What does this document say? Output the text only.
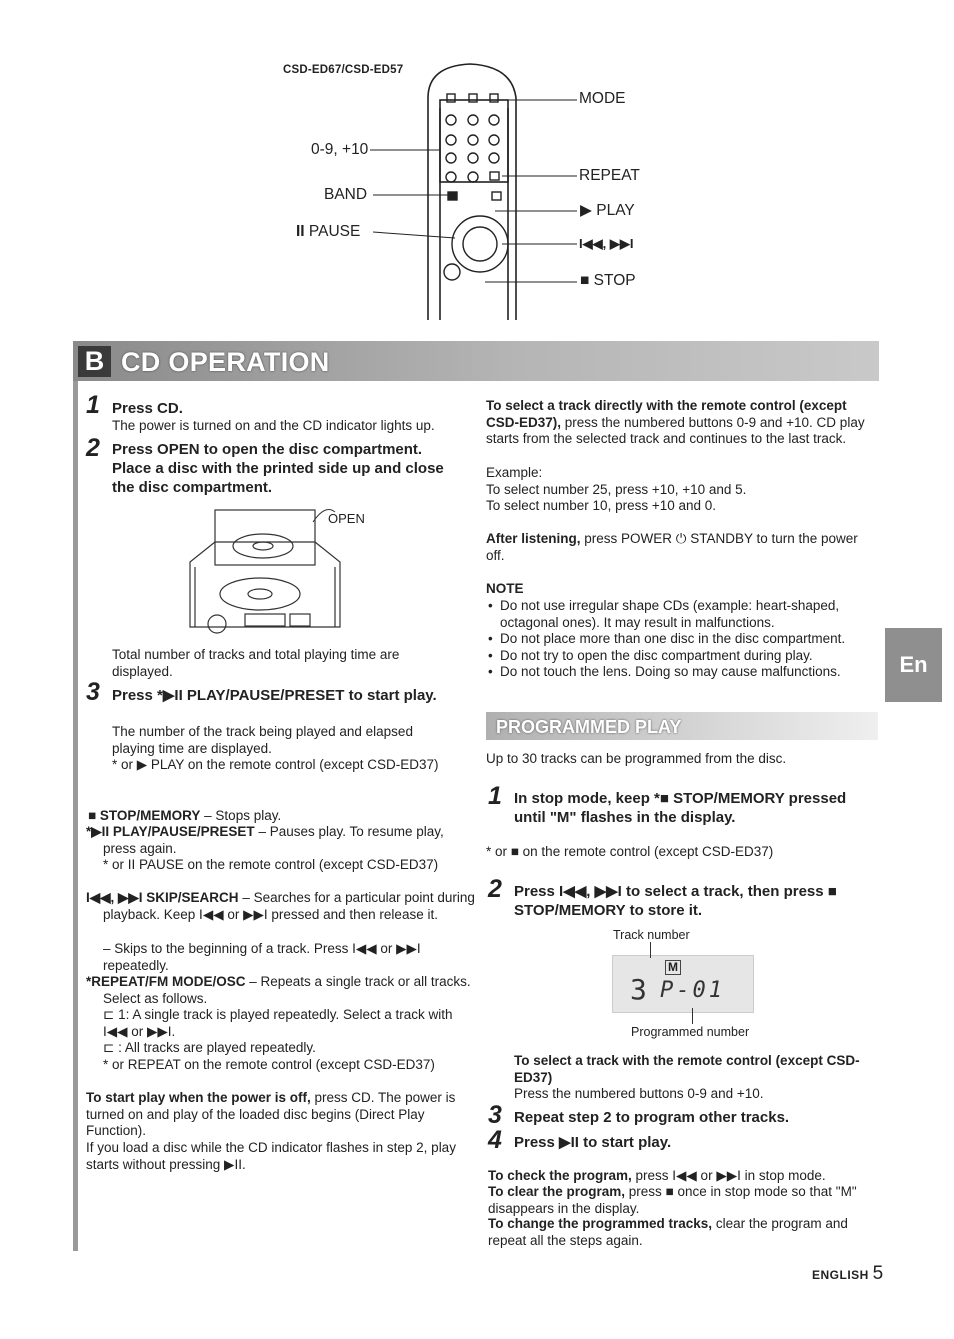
CSD-ED67/CSD-ED57
MODE
0-9, +10
REPEAT
BAND
▶ PLAY
II PAUSE
I◀◀, ▶▶I
■ STOP
B CD OPERATION
1 Press CD.
The power is turned on and the CD indicator lights up.
2 Press OPEN to open the disc compartment. Place a disc with the printed side up and close the disc compartment.
OPEN
Total number of tracks and total playing time are displayed.
3 Press *▶II PLAY/PAUSE/PRESET to start play.
The number of the track being played and elapsed playing time are displayed.
* or ▶ PLAY on the remote control (except CSD-ED37)
■ STOP/MEMORY – Stops play.
*▶II PLAY/PAUSE/PRESET – Pauses play. To resume play, press again.
* or II PAUSE on the remote control (except CSD-ED37)
I◀◀, ▶▶I SKIP/SEARCH – Searches for a particular point during playback. Keep I◀◀ or ▶▶I pressed and then release it.
– Skips to the beginning of a track. Press I◀◀ or ▶▶I repeatedly.
*REPEAT/FM MODE/OSC – Repeats a single track or all tracks. Select as follows.
⊏ 1: A single track is played repeatedly. Select a track with I◀◀ or ▶▶I.
⊏ : All tracks are played repeatedly.
* or REPEAT on the remote control (except CSD-ED37)
To start play when the power is off, press CD. The power is turned on and play of the loaded disc begins (Direct Play Function).
If you load a disc while the CD indicator flashes in step 2, play starts without pressing ▶II.
To select a track directly with the remote control (except CSD-ED37), press the numbered buttons 0-9 and +10. CD play starts from the selected track and continues to the last track.
Example:
To select number 25, press +10, +10 and 5.
To select number 10, press +10 and 0.
After listening, press POWER ⏻ STANDBY to turn the power off.
NOTE
• Do not use irregular shape CDs (example: heart-shaped, octagonal ones). It may result in malfunctions.
• Do not place more than one disc in the disc compartment.
• Do not try to open the disc compartment during play.
• Do not touch the lens. Doing so may cause malfunctions.	En
PROGRAMMED PLAY
Up to 30 tracks can be programmed from the disc.
1 In stop mode, keep *■ STOP/MEMORY pressed until "M" flashes in the display.
* or ■ on the remote control (except CSD-ED37)
2 Press I◀◀, ▶▶I to select a track, then press ■ STOP/MEMORY to store it.
Track number
M
3 P-01
Programmed number
To select a track with the remote control (except CSD-ED37)
Press the numbered buttons 0-9 and +10.
3 Repeat step 2 to program other tracks.
4 Press ▶II to start play.
To check the program, press I◀◀ or ▶▶I in stop mode.
To clear the program, press ■ once in stop mode so that "M" disappears in the display.
To change the programmed tracks, clear the program and repeat all the steps again.
ENGLISH 5
